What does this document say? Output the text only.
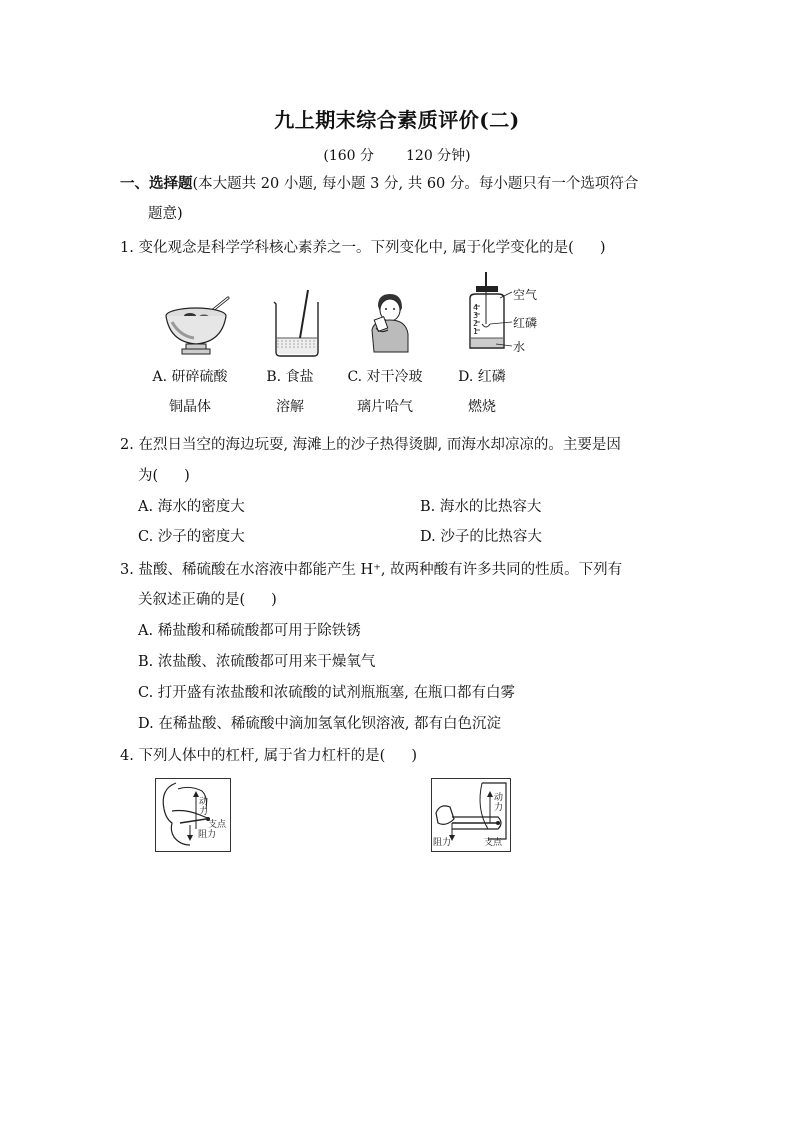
九上期末综合素质评价(二)
(160 分 120 分钟)
一、选择题(本大题共 20 小题, 每小题 3 分, 共 60 分。每小题只有一个选项符合
题意)
1. 变化观念是科学学科核心素养之一。下列变化中, 属于化学变化的是( )
4
3
2
1
空气
红磷
水
A. 研碎硫酸
铜晶体
B. 食盐
溶解
C. 对干冷玻
璃片哈气
D. 红磷
燃烧
2. 在烈日当空的海边玩耍, 海滩上的沙子热得烫脚, 而海水却凉凉的。主要是因
为( )
A. 海水的密度大	B. 海水的比热容大
C. 沙子的密度大	D. 沙子的比热容大
3. 盐酸、稀硫酸在水溶液中都能产生 H⁺, 故两种酸有许多共同的性质。下列有
关叙述正确的是( )
A. 稀盐酸和稀硫酸都可用于除铁锈
B. 浓盐酸、浓硫酸都可用来干燥氧气
C. 打开盛有浓盐酸和浓硫酸的试剂瓶瓶塞, 在瓶口都有白雾
D. 在稀盐酸、稀硫酸中滴加氢氧化钡溶液, 都有白色沉淀
4. 下列人体中的杠杆, 属于省力杠杆的是( )
动力
支点
阻力
动力
支点
阻力
